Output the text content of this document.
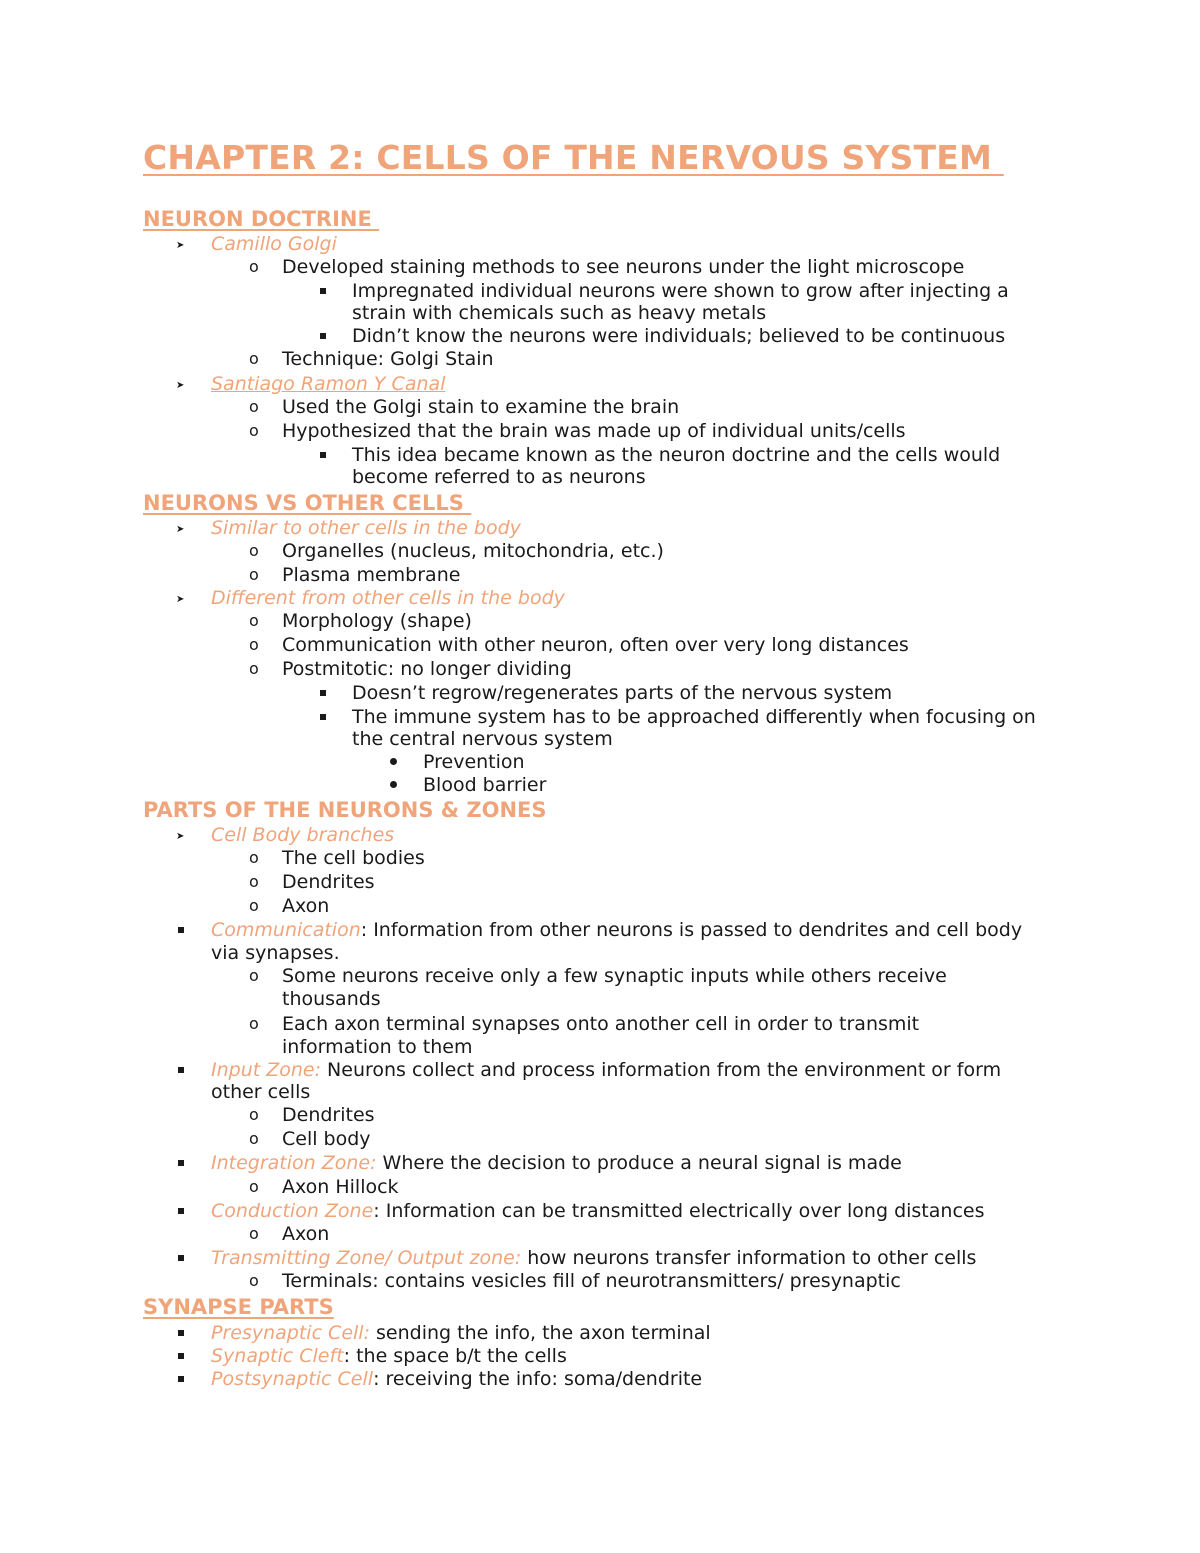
CHAPTER 2: CELLS OF THE NERVOUS SYSTEM
NEURON DOCTRINE
➤ Camillo Golgi
o Developed staining methods to see neurons under the light microscope
Impregnated individual neurons were shown to grow after injecting a
strain with chemicals such as heavy metals
Didn’t know the neurons were individuals; believed to be continuous
o Technique: Golgi Stain
➤ Santiago Ramon Y Canal
o Used the Golgi stain to examine the brain
o Hypothesized that the brain was made up of individual units/cells
This idea became known as the neuron doctrine and the cells would
become referred to as neurons
NEURONS VS OTHER CELLS
➤ Similar to other cells in the body
o Organelles (nucleus, mitochondria, etc.)
o Plasma membrane
➤ Different from other cells in the body
o Morphology (shape)
o Communication with other neuron, often over very long distances
o Postmitotic: no longer dividing
Doesn’t regrow/regenerates parts of the nervous system
The immune system has to be approached differently when focusing on
the central nervous system
Prevention
Blood barrier
PARTS OF THE NEURONS & ZONES
➤ Cell Body branches
o The cell bodies
o Dendrites
o Axon
Communication: Information from other neurons is passed to dendrites and cell body
via synapses.
o Some neurons receive only a few synaptic inputs while others receive
thousands
o Each axon terminal synapses onto another cell in order to transmit
information to them
Input Zone: Neurons collect and process information from the environment or form
other cells
o Dendrites
o Cell body
Integration Zone: Where the decision to produce a neural signal is made
o Axon Hillock
Conduction Zone: Information can be transmitted electrically over long distances
o Axon
Transmitting Zone/ Output zone: how neurons transfer information to other cells
o Terminals: contains vesicles fill of neurotransmitters/ presynaptic
SYNAPSE PARTS
Presynaptic Cell: sending the info, the axon terminal
Synaptic Cleft: the space b/t the cells
Postsynaptic Cell: receiving the info: soma/dendrite
